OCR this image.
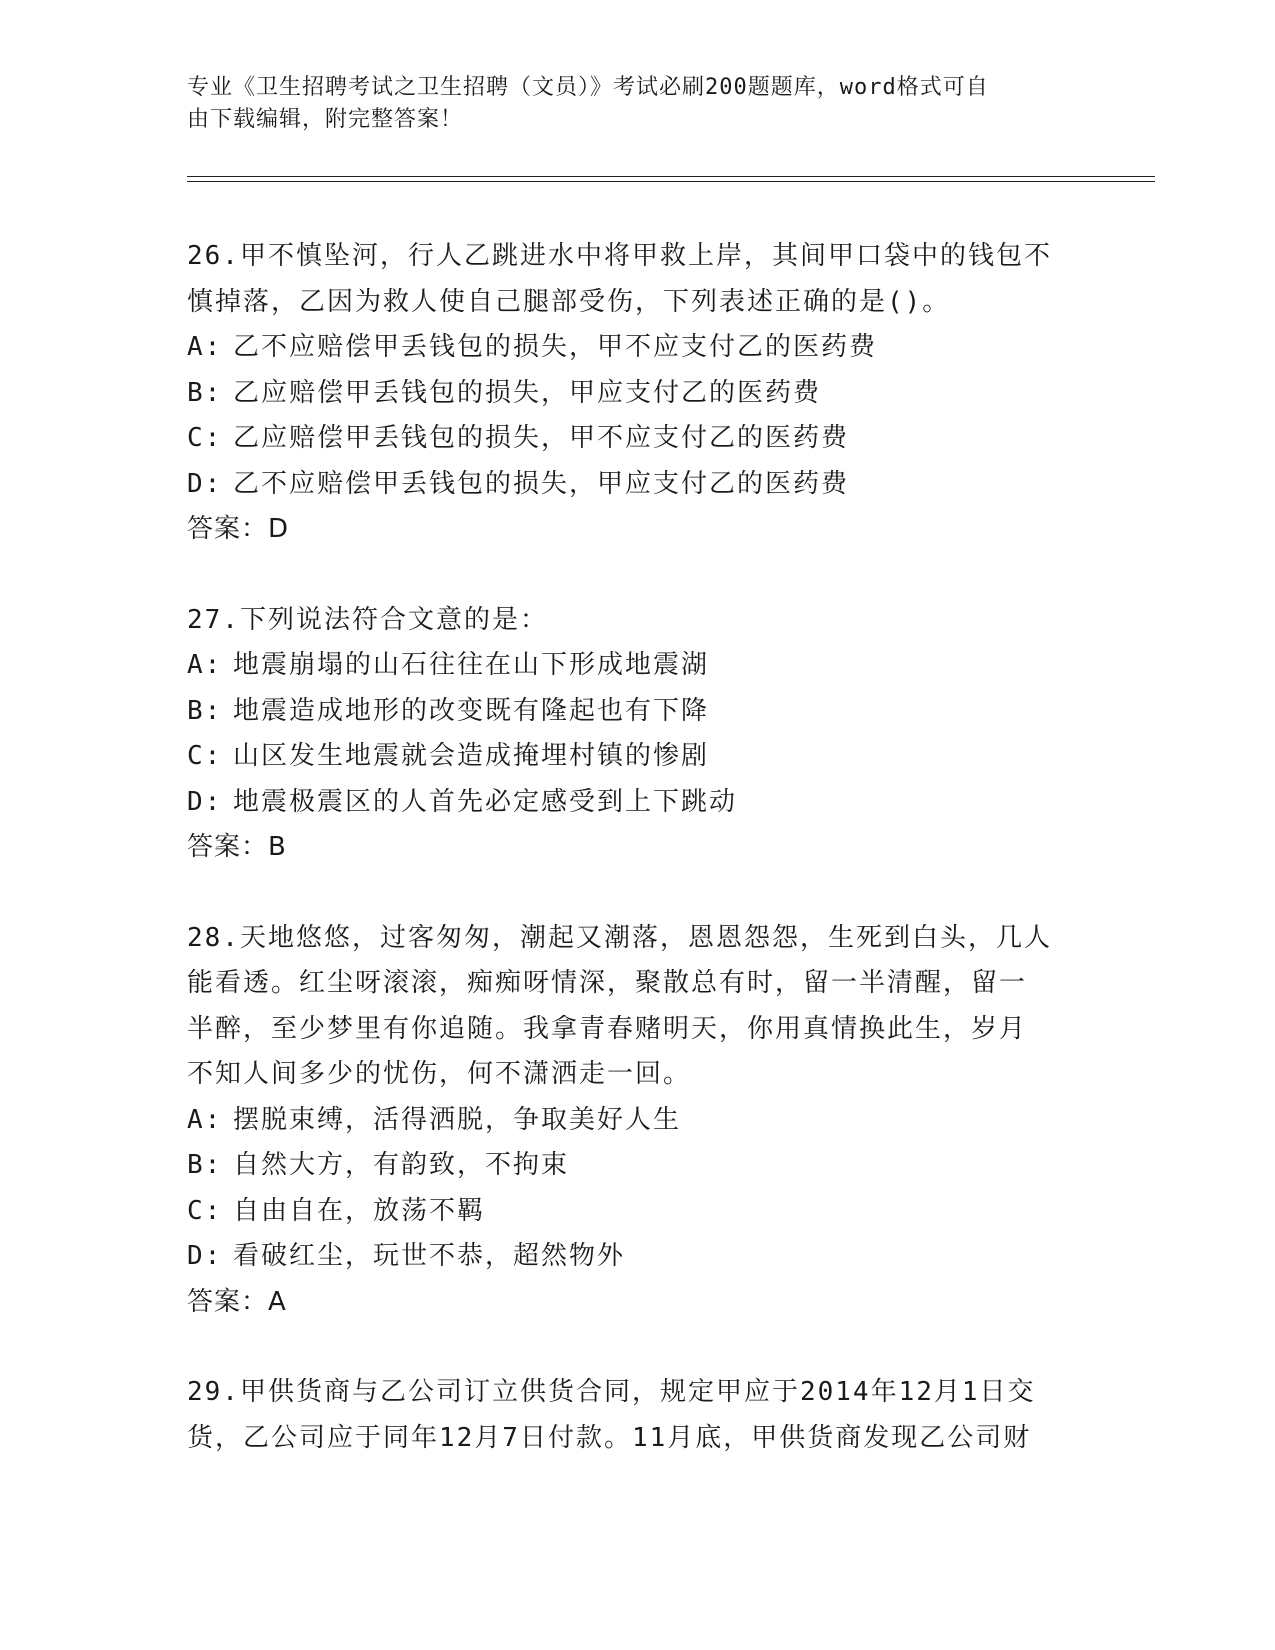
专业《卫生招聘考试之卫生招聘（文员）》考试必刷200题题库，word格式可自
由下载编辑，附完整答案！

26.甲不慎坠河，行人乙跳进水中将甲救上岸，其间甲口袋中的钱包不

慎掉落，乙因为救人使自己腿部受伤，下列表述正确的是()。

A: 乙不应赔偿甲丢钱包的损失，甲不应支付乙的医药费

B: 乙应赔偿甲丢钱包的损失，甲应支付乙的医药费

C: 乙应赔偿甲丢钱包的损失，甲不应支付乙的医药费

D: 乙不应赔偿甲丢钱包的损失，甲应支付乙的医药费

答案：D

27.下列说法符合文意的是：

A: 地震崩塌的山石往往在山下形成地震湖

B: 地震造成地形的改变既有隆起也有下降

C: 山区发生地震就会造成掩埋村镇的惨剧

D: 地震极震区的人首先必定感受到上下跳动

答案：B

28.天地悠悠，过客匆匆，潮起又潮落，恩恩怨怨，生死到白头，几人

能看透。红尘呀滚滚，痴痴呀情深，聚散总有时，留一半清醒，留一

半醉，至少梦里有你追随。我拿青春赌明天，你用真情换此生，岁月

不知人间多少的忧伤，何不潇洒走一回。

A: 摆脱束缚，活得洒脱，争取美好人生

B: 自然大方，有韵致，不拘束

C: 自由自在，放荡不羁

D: 看破红尘，玩世不恭，超然物外

答案：A

29.甲供货商与乙公司订立供货合同，规定甲应于2014年12月1日交

货，乙公司应于同年12月7日付款。11月底，甲供货商发现乙公司财
